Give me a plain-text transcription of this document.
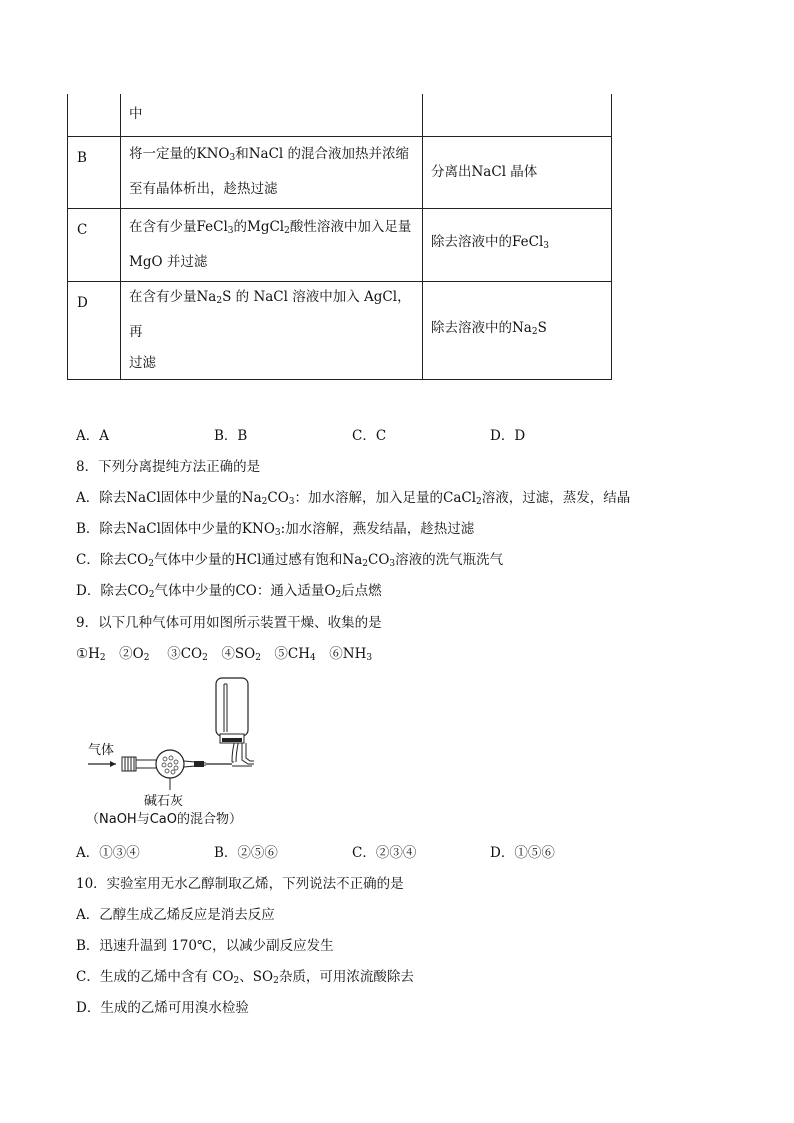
	中	
B	将一定量的$KNO_3$和NaCl 的混合液加热并浓缩
至有晶体析出，趁热过滤	分离出NaCl 晶体
C	在含有少量FeCl$_3$的MgCl$_2$酸性溶液中加入足量
MgO 并过滤	除去溶液中的FeCl$_3$
D	在含有少量$Na_2S$ 的 NaCl 溶液中加入 AgCl，再
过滤	除去溶液中的$Na_2S$
A．A	B．B	C．C	D．D
8．下列分离提纯方法正确的是
A．除去NaCl固体中少量的$Na_2CO_3$：加水溶解，加入足量的CaCl$_2$溶液，过滤，蒸发，结晶
B．除去NaCl固体中少量的$KNO_3$:加水溶解，燕发结晶，趁热过滤
C．除去$CO_2$气体中少量的HCl通过感有饱和$Na_2CO_3$溶液的洗气瓶洗气
D．除去$CO_2$气体中少量的CO：通入适量$O_2$后点燃
9．以下几种气体可用如图所示装置干燥、收集的是
$①H_2$　$②O_2$　 $③CO_2$　$④SO_2$　$⑤CH_4$　$⑥NH_3$
气体
碱石灰
（NaOH与CaO的混合物）
A．①③④	B．②⑤⑥	C．②③④	D．①⑤⑥
10．实验室用无水乙醇制取乙烯，下列说法不正确的是
A．乙醇生成乙烯反应是消去反应
B．迅速升温到 170℃，以减少副反应发生
C．生成的乙烯中含有 $CO_2$、$SO_2$杂质，可用浓流酸除去
D．生成的乙烯可用溴水检验
